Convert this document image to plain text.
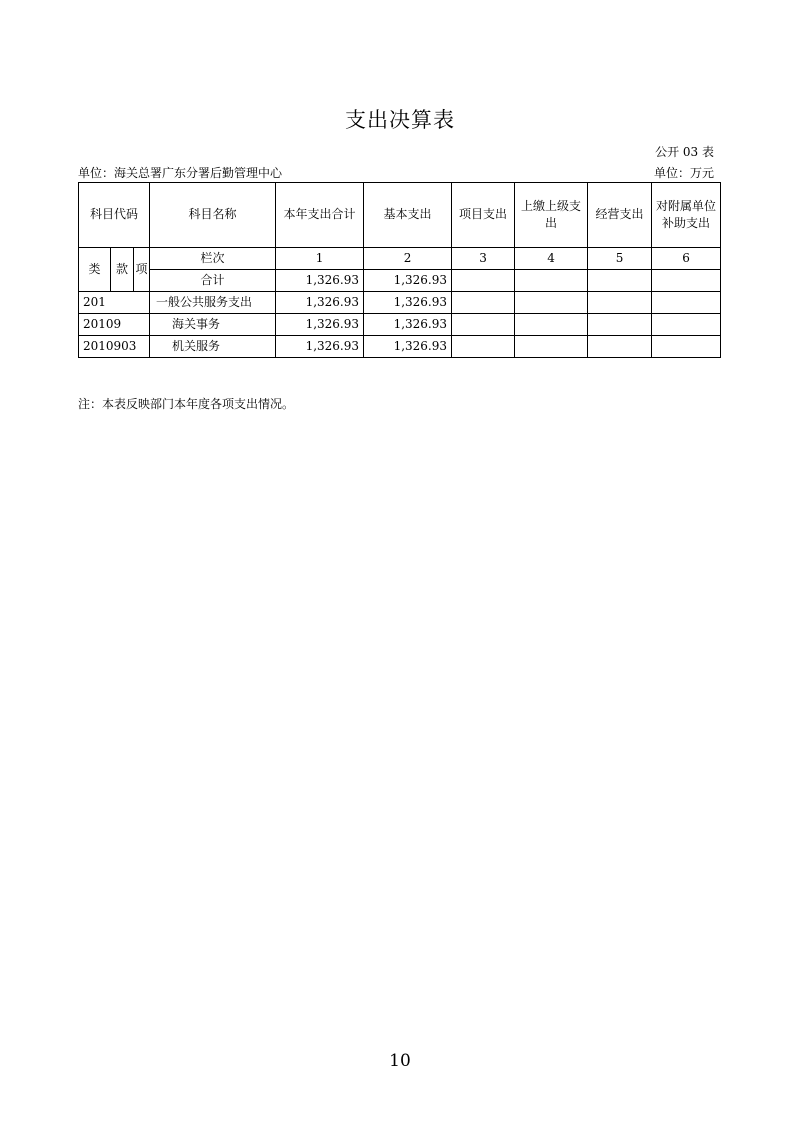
支出决算表
公开 03 表
单位：海关总署广东分署后勤管理中心	单位：万元
科目代码			科目名称	本年支出合计	基本支出	项目支出	上缴上级支出	经营支出	对附属单位补助支出
类	款	项	栏次	1	2	3	4	5	6
			合计	1,326.93	1,326.93				
201			一般公共服务支出	1,326.93	1,326.93				
20109			海关事务	1,326.93	1,326.93				
2010903			机关服务	1,326.93	1,326.93				
注：本表反映部门本年度各项支出情况。
10
